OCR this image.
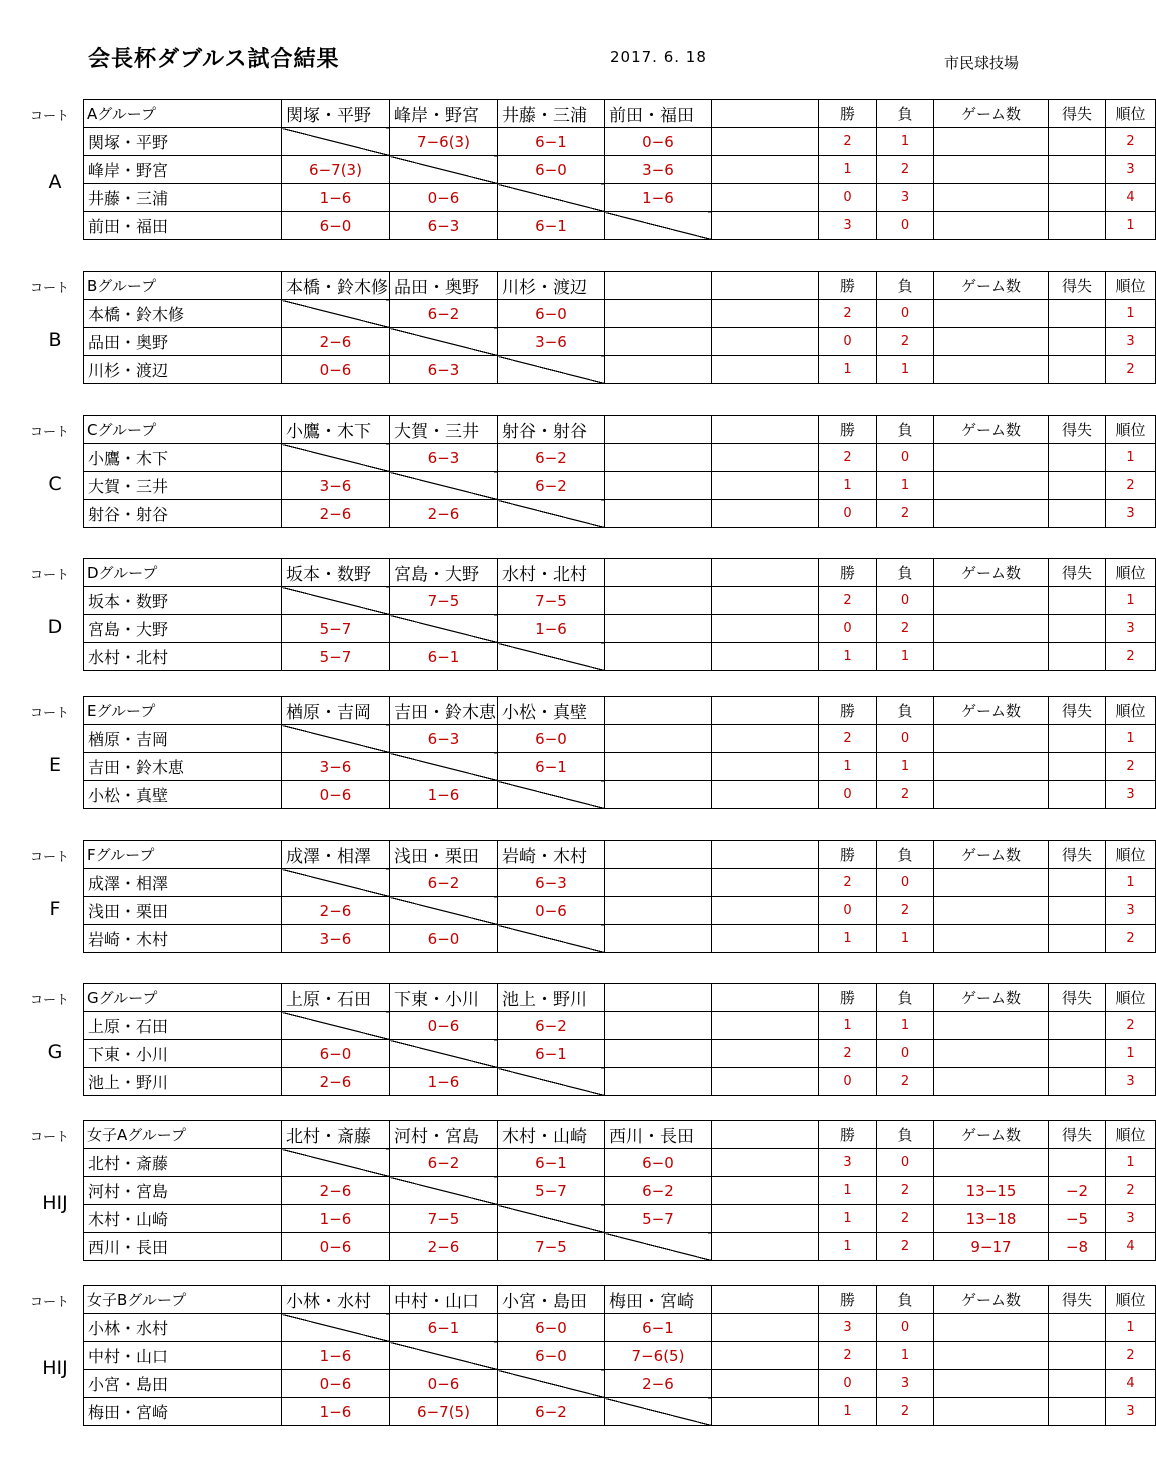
会長杯ダブルス試合結果	2017. 6. 18	市民球技場
コート
A
Aグループ	関塚・平野	峰岸・野宮	井藤・三浦	前田・福田		勝	負	ゲーム数	得失	順位
関塚・平野		7−6(3)	6−1	0−6		2	1			2
峰岸・野宮	6−7(3)		6−0	3−6		1	2			3
井藤・三浦	1−6	0−6		1−6		0	3			4
前田・福田	6−0	6−3	6−1			3	0			1
コート
B
Bグループ	本橋・鈴木修	品田・奥野	川杉・渡辺			勝	負	ゲーム数	得失	順位
本橋・鈴木修		6−2	6−0			2	0			1
品田・奥野	2−6		3−6			0	2			3
川杉・渡辺	0−6	6−3				1	1			2
コート
C
Cグループ	小鷹・木下	大賀・三井	射谷・射谷			勝	負	ゲーム数	得失	順位
小鷹・木下		6−3	6−2			2	0			1
大賀・三井	3−6		6−2			1	1			2
射谷・射谷	2−6	2−6				0	2			3
コート
D
Dグループ	坂本・数野	宮島・大野	水村・北村			勝	負	ゲーム数	得失	順位
坂本・数野		7−5	7−5			2	0			1
宮島・大野	5−7		1−6			0	2			3
水村・北村	5−7	6−1				1	1			2
コート
E
Eグループ	楢原・吉岡	吉田・鈴木恵	小松・真壁			勝	負	ゲーム数	得失	順位
楢原・吉岡		6−3	6−0			2	0			1
吉田・鈴木恵	3−6		6−1			1	1			2
小松・真壁	0−6	1−6				0	2			3
コート
F
Fグループ	成澤・相澤	浅田・栗田	岩崎・木村			勝	負	ゲーム数	得失	順位
成澤・相澤		6−2	6−3			2	0			1
浅田・栗田	2−6		0−6			0	2			3
岩崎・木村	3−6	6−0				1	1			2
コート
G
Gグループ	上原・石田	下東・小川	池上・野川			勝	負	ゲーム数	得失	順位
上原・石田		0−6	6−2			1	1			2
下東・小川	6−0		6−1			2	0			1
池上・野川	2−6	1−6				0	2			3
コート
HIJ
女子Aグループ	北村・斎藤	河村・宮島	木村・山崎	西川・長田		勝	負	ゲーム数	得失	順位
北村・斎藤		6−2	6−1	6−0		3	0			1
河村・宮島	2−6		5−7	6−2		1	2	13−15	−2	2
木村・山崎	1−6	7−5		5−7		1	2	13−18	−5	3
西川・長田	0−6	2−6	7−5			1	2	9−17	−8	4
コート
HIJ
女子Bグループ	小林・水村	中村・山口	小宮・島田	梅田・宮崎		勝	負	ゲーム数	得失	順位
小林・水村		6−1	6−0	6−1		3	0			1
中村・山口	1−6		6−0	7−6(5)		2	1			2
小宮・島田	0−6	0−6		2−6		0	3			4
梅田・宮崎	1−6	6−7(5)	6−2			1	2			3
